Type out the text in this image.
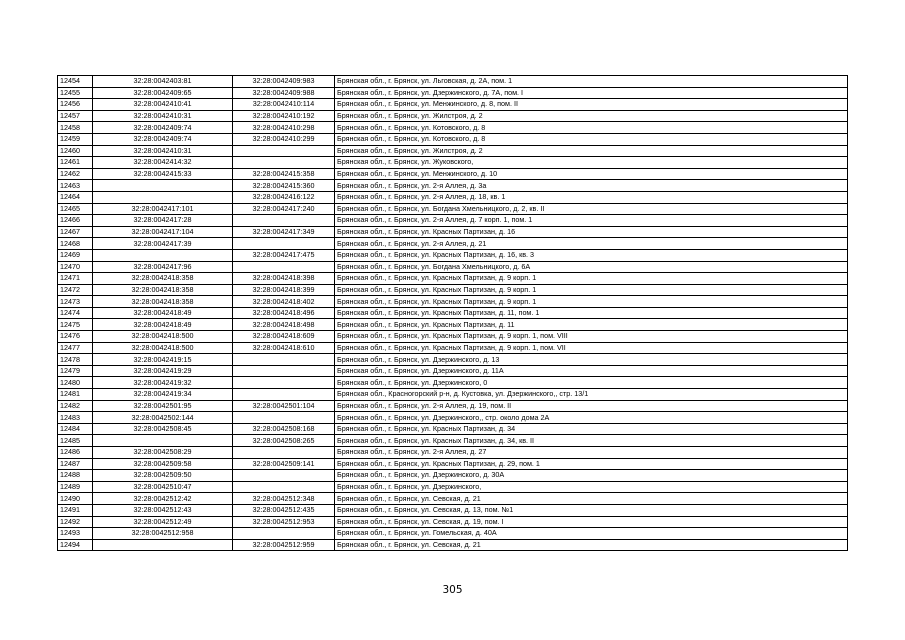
12454	32:28:0042403:81	32:28:0042409:983	Брянская обл., г. Брянск, ул. Льговская, д. 2А, пом. 1
12455	32:28:0042409:65	32:28:0042409:988	Брянская обл., г. Брянск, ул. Дзержинского, д. 7А, пом. I
12456	32:28:0042410:41	32:28:0042410:114	Брянская обл., г. Брянск, ул. Менжинского, д. 8, пом. II
12457	32:28:0042410:31	32:28:0042410:192	Брянская обл., г. Брянск, ул. Жилстроя, д. 2
12458	32:28:0042409:74	32:28:0042410:298	Брянская обл., г. Брянск, ул. Котовского, д. 8
12459	32:28:0042409:74	32:28:0042410:299	Брянская обл., г. Брянск, ул. Котовского, д. 8
12460	32:28:0042410:31		Брянская обл., г. Брянск, ул. Жилстроя, д. 2
12461	32:28:0042414:32		Брянская обл., г. Брянск, ул. Жуковского,
12462	32:28:0042415:33	32:28:0042415:358	Брянская обл., г. Брянск, ул. Менжинского, д. 10
12463		32:28:0042415:360	Брянская обл., г. Брянск, ул. 2-я Аллея, д. 3а
12464		32:28:0042416:122	Брянская обл., г. Брянск, ул. 2-я Аллея, д. 18, кв. 1
12465	32:28:0042417:101	32:28:0042417:240	Брянская обл., г. Брянск, ул. Богдана Хмельницкого, д. 2, кв. II
12466	32:28:0042417:28		Брянская обл., г. Брянск, ул. 2-я Аллея, д. 7 корп. 1, пом. 1
12467	32:28:0042417:104	32:28:0042417:349	Брянская обл., г. Брянск, ул. Красных Партизан, д. 16
12468	32:28:0042417:39		Брянская обл., г. Брянск, ул. 2-я Аллея, д. 21
12469		32:28:0042417:475	Брянская обл., г. Брянск, ул. Красных Партизан, д. 16, кв. 3
12470	32:28:0042417:96		Брянская обл., г. Брянск, ул. Богдана Хмельницкого, д. 6А
12471	32:28:0042418:358	32:28:0042418:398	Брянская обл., г. Брянск, ул. Красных Партизан, д. 9 корп. 1
12472	32:28:0042418:358	32:28:0042418:399	Брянская обл., г. Брянск, ул. Красных Партизан, д. 9 корп. 1
12473	32:28:0042418:358	32:28:0042418:402	Брянская обл., г. Брянск, ул. Красных Партизан, д. 9 корп. 1
12474	32:28:0042418:49	32:28:0042418:496	Брянская обл., г. Брянск, ул. Красных Партизан, д. 11, пом. 1
12475	32:28:0042418:49	32:28:0042418:498	Брянская обл., г. Брянск, ул. Красных Партизан, д. 11
12476	32:28:0042418:500	32:28:0042418:609	Брянская обл., г. Брянск, ул. Красных Партизан, д. 9 корп. 1, пом. VIII
12477	32:28:0042418:500	32:28:0042418:610	Брянская обл., г. Брянск, ул. Красных Партизан, д. 9 корп. 1, пом. VII
12478	32:28:0042419:15		Брянская обл., г. Брянск, ул. Дзержинского, д. 13
12479	32:28:0042419:29		Брянская обл., г. Брянск, ул. Дзержинского, д. 11А
12480	32:28:0042419:32		Брянская обл., г. Брянск, ул. Дзержинского, 0
12481	32:28:0042419:34		Брянская обл., Красногорский р-н, д. Кустовка, ул. Дзержинского,, стр. 13/1
12482	32:28:0042501:95	32:28:0042501:104	Брянская обл., г. Брянск, ул. 2-я Аллея, д. 19, пом. II
12483	32:28:0042502:144		Брянская обл., г. Брянск, ул. Дзержинского,, стр. около дома 2А
12484	32:28:0042508:45	32:28:0042508:168	Брянская обл., г. Брянск, ул. Красных Партизан, д. 34
12485		32:28:0042508:265	Брянская обл., г. Брянск, ул. Красных Партизан, д. 34, кв. II
12486	32:28:0042508:29		Брянская обл., г. Брянск, ул. 2-я Аллея, д. 27
12487	32:28:0042509:58	32:28:0042509:141	Брянская обл., г. Брянск, ул. Красных Партизан, д. 29, пом. 1
12488	32:28:0042509:50		Брянская обл., г. Брянск, ул. Дзержинского, д. 30А
12489	32:28:0042510:47		Брянская обл., г. Брянск, ул. Дзержинского,
12490	32:28:0042512:42	32:28:0042512:348	Брянская обл., г. Брянск, ул. Севская, д. 21
12491	32:28:0042512:43	32:28:0042512:435	Брянская обл., г. Брянск, ул. Севская, д. 13, пом. №1
12492	32:28:0042512:49	32:28:0042512:953	Брянская обл., г. Брянск, ул. Севская, д. 19, пом. I
12493	32:28:0042512:958		Брянская обл., г. Брянск, ул. Гомельская, д. 40А
12494		32:28:0042512:959	Брянская обл., г. Брянск, ул. Севская, д. 21
305
